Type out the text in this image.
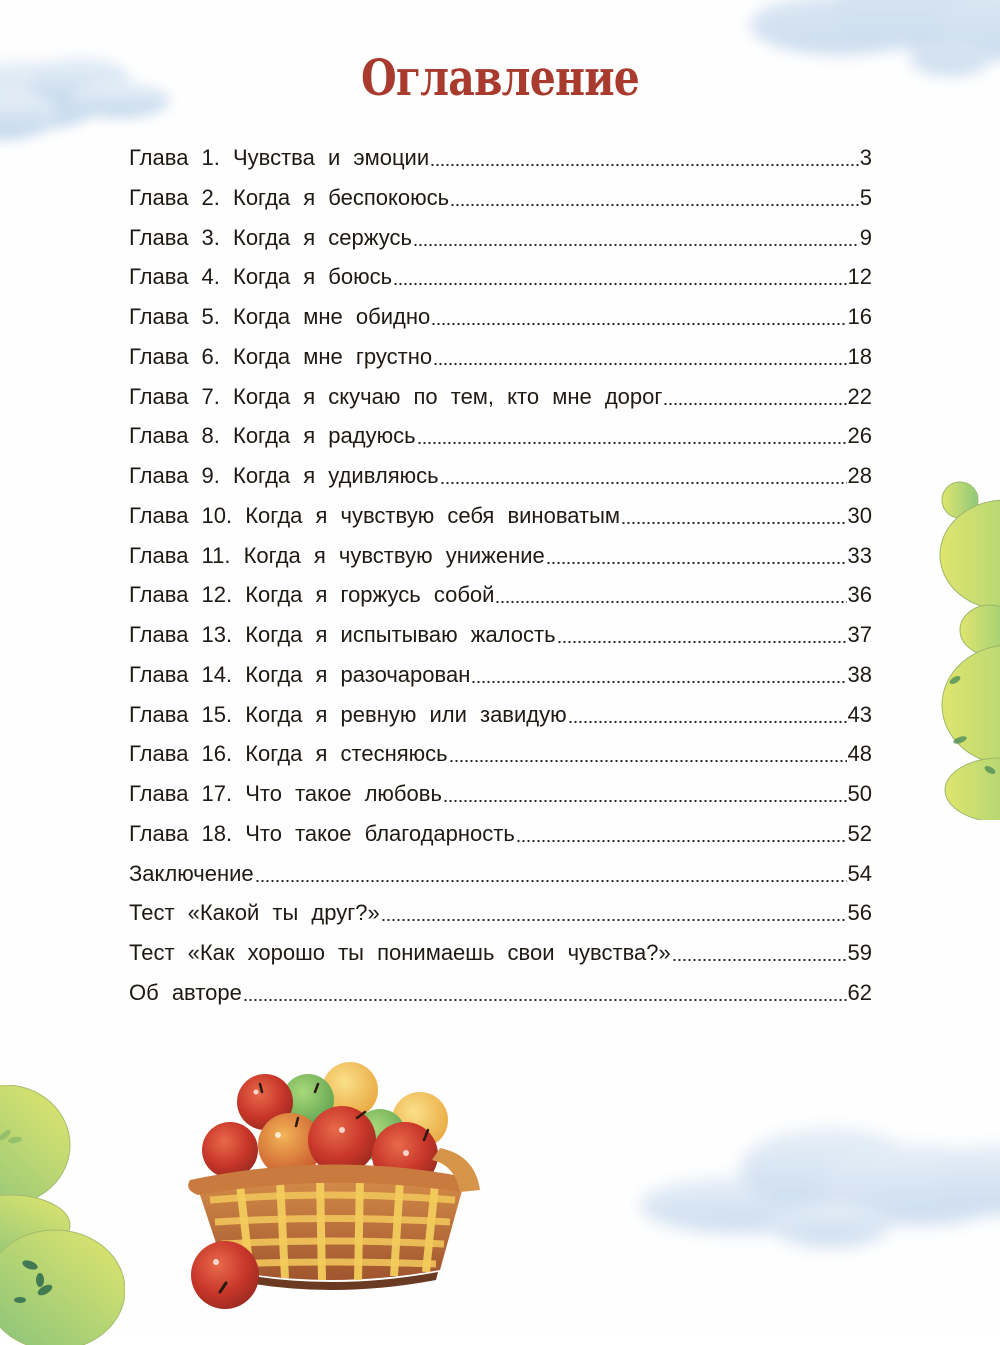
Оглавление
Глава 1. Чувства и эмоции	3
Глава 2. Когда я беспокоюсь	5
Глава 3. Когда я сержусь	9
Глава 4. Когда я боюсь	12
Глава 5. Когда мне обидно	16
Глава 6. Когда мне грустно	18
Глава 7. Когда я скучаю по тем, кто мне дорог	22
Глава 8. Когда я радуюсь	26
Глава 9. Когда я удивляюсь	28
Глава 10. Когда я чувствую себя виноватым	30
Глава 11. Когда я чувствую унижение	33
Глава 12. Когда я горжусь собой	36
Глава 13. Когда я испытываю жалость	37
Глава 14. Когда я разочарован	38
Глава 15. Когда я ревную или завидую	43
Глава 16. Когда я стесняюсь	48
Глава 17. Что такое любовь	50
Глава 18. Что такое благодарность	52
Заключение	54
Тест «Какой ты друг?»	56
Тест «Как хорошо ты понимаешь свои чувства?»	59
Об авторе	62
